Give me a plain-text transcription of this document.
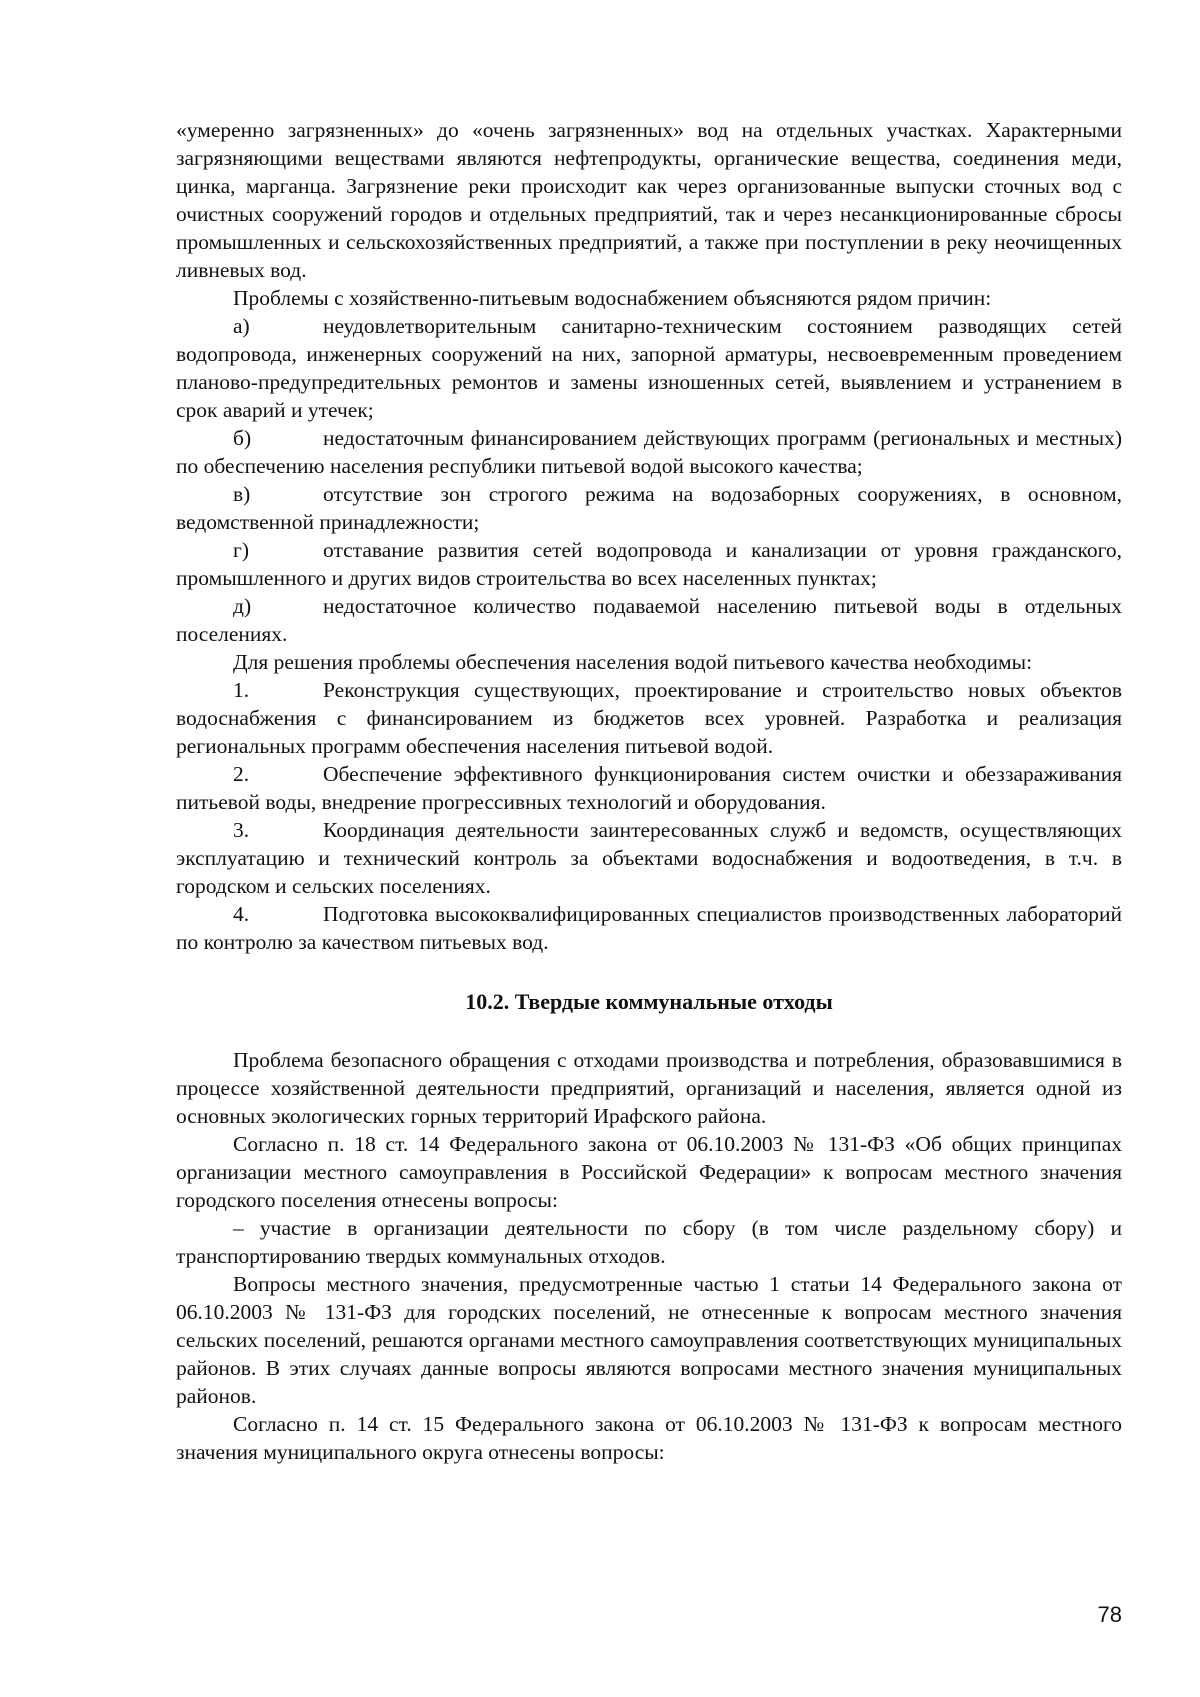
«умеренно загрязненных» до «очень загрязненных» вод на отдельных участках. Характерными загрязняющими веществами являются нефтепродукты, органические вещества, соединения меди, цинка, марганца. Загрязнение реки происходит как через организованные выпуски сточных вод с очистных сооружений городов и отдельных предприятий, так и через несанкционированные сбросы промышленных и сельскохозяйственных предприятий, а также при поступлении в реку неочищенных ливневых вод.

Проблемы с хозяйственно-питьевым водоснабжением объясняются рядом причин:

а)	неудовлетворительным санитарно-техническим состоянием разводящих сетей водопровода, инженерных сооружений на них, запорной арматуры, несвоевременным проведением планово-предупредительных ремонтов и замены изношенных сетей, выявлением и устранением в срок аварий и утечек;

б)	недостаточным финансированием действующих программ (региональных и местных) по обеспечению населения республики питьевой водой высокого качества;

в)	отсутствие зон строгого режима на водозаборных сооружениях, в основном, ведомственной принадлежности;

г)	отставание развития сетей водопровода и канализации от уровня гражданского, промышленного и других видов строительства во всех населенных пунктах;

д)	недостаточное количество подаваемой населению питьевой воды в отдельных поселениях.

Для решения проблемы обеспечения населения водой питьевого качества необходимы:

1.	Реконструкция существующих, проектирование и строительство новых объектов водоснабжения с финансированием из бюджетов всех уровней. Разработка и реализация региональных программ обеспечения населения питьевой водой.

2.	Обеспечение эффективного функционирования систем очистки и обеззараживания питьевой воды, внедрение прогрессивных технологий и оборудования.

3.	Координация деятельности заинтересованных служб и ведомств, осуществляющих эксплуатацию и технический контроль за объектами водоснабжения и водоотведения, в т.ч. в городском и сельских поселениях.

4.	Подготовка высококвалифицированных специалистов производственных лабораторий по контролю за качеством питьевых вод.

10.2. Твердые коммунальные отходы

Проблема безопасного обращения с отходами производства и потребления, образовавшимися в процессе хозяйственной деятельности предприятий, организаций и населения, является одной из основных экологических горных территорий Ирафского района.

Согласно п. 18 ст. 14 Федерального закона от 06.10.2003 № 131-ФЗ «Об общих принципах организации местного самоуправления в Российской Федерации» к вопросам местного значения городского поселения отнесены вопросы:

– участие в организации деятельности по сбору (в том числе раздельному сбору) и транспортированию твердых коммунальных отходов.

Вопросы местного значения, предусмотренные частью 1 статьи 14 Федерального закона от 06.10.2003 № 131-ФЗ для городских поселений, не отнесенные к вопросам местного значения сельских поселений, решаются органами местного самоуправления соответствующих муниципальных районов. В этих случаях данные вопросы являются вопросами местного значения муниципальных районов.

Согласно п. 14 ст. 15 Федерального закона от 06.10.2003 № 131-ФЗ к вопросам местного значения муниципального округа отнесены вопросы:

78
